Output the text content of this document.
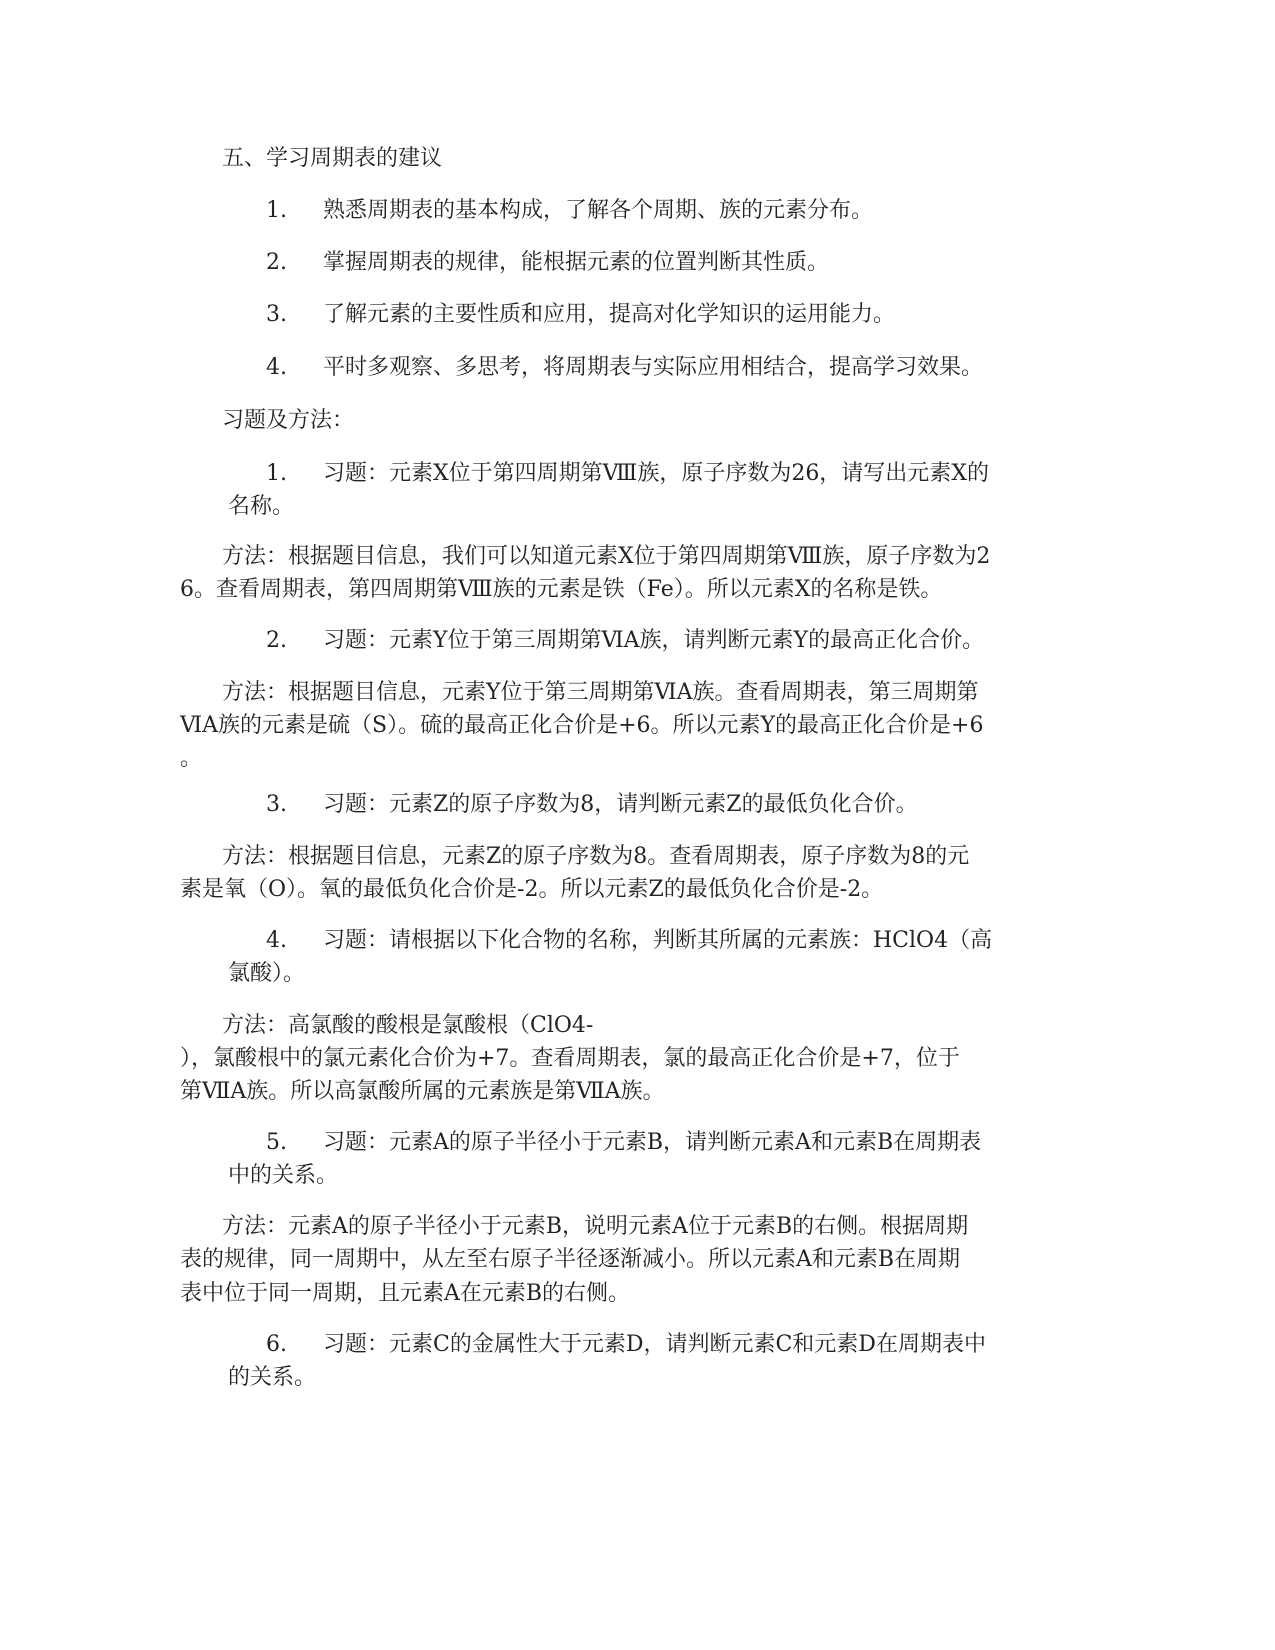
五、学习周期表的建议
1. 熟悉周期表的基本构成，了解各个周期、族的元素分布。
2. 掌握周期表的规律，能根据元素的位置判断其性质。
3. 了解元素的主要性质和应用，提高对化学知识的运用能力。
4. 平时多观察、多思考，将周期表与实际应用相结合，提高学习效果。
习题及方法：
1. 习题：元素X位于第四周期第Ⅷ族，原子序数为26，请写出元素X的
名称。
方法：根据题目信息，我们可以知道元素X位于第四周期第Ⅷ族，原子序数为2
6。查看周期表，第四周期第Ⅷ族的元素是铁（Fe）。所以元素X的名称是铁。
2. 习题：元素Y位于第三周期第ⅥA族，请判断元素Y的最高正化合价。
方法：根据题目信息，元素Y位于第三周期第ⅥA族。查看周期表，第三周期第
ⅥA族的元素是硫（S）。硫的最高正化合价是+6。所以元素Y的最高正化合价是+6
。
3. 习题：元素Z的原子序数为8，请判断元素Z的最低负化合价。
方法：根据题目信息，元素Z的原子序数为8。查看周期表，原子序数为8的元
素是氧（O）。氧的最低负化合价是-2。所以元素Z的最低负化合价是-2。
4. 习题：请根据以下化合物的名称，判断其所属的元素族：HClO4（高
氯酸）。
方法：高氯酸的酸根是氯酸根（ClO4-
），氯酸根中的氯元素化合价为+7。查看周期表，氯的最高正化合价是+7，位于
第ⅦA族。所以高氯酸所属的元素族是第ⅦA族。
5. 习题：元素A的原子半径小于元素B，请判断元素A和元素B在周期表
中的关系。
方法：元素A的原子半径小于元素B，说明元素A位于元素B的右侧。根据周期
表的规律，同一周期中，从左至右原子半径逐渐减小。所以元素A和元素B在周期
表中位于同一周期，且元素A在元素B的右侧。
6. 习题：元素C的金属性大于元素D，请判断元素C和元素D在周期表中
的关系。
